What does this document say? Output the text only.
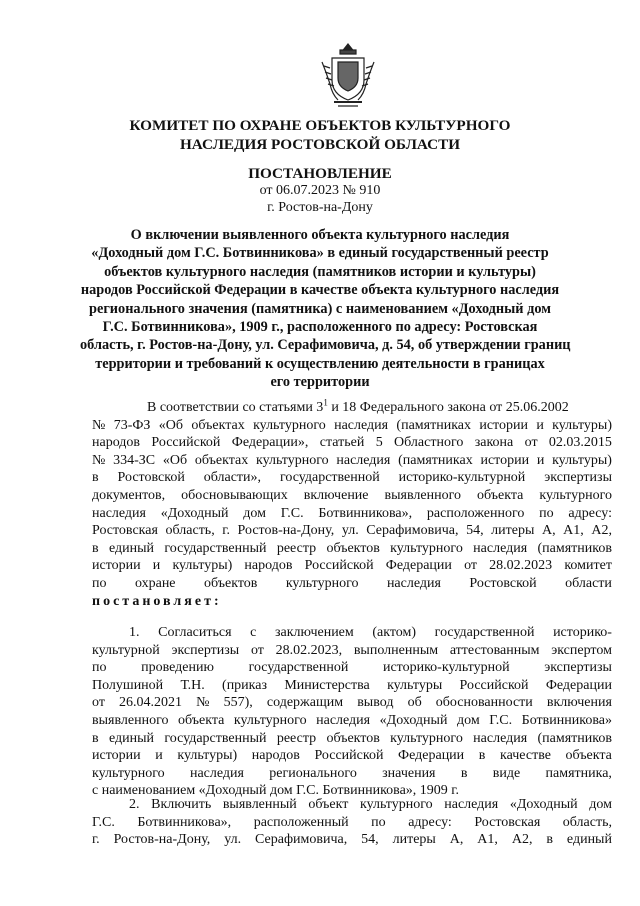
КОМИТЕТ ПО ОХРАНЕ ОБЪЕКТОВ КУЛЬТУРНОГО
НАСЛЕДИЯ РОСТОВСКОЙ ОБЛАСТИ
ПОСТАНОВЛЕНИЕ
от 06.07.2023 № 910
г. Ростов-на-Дону
О включении выявленного объекта культурного наследия
«Доходный дом Г.С. Ботвинникова» в единый государственный реестр
объектов культурного наследия (памятников истории и культуры)
народов Российской Федерации в качестве объекта культурного наследия
регионального значения (памятника) с наименованием «Доходный дом
Г.С. Ботвинникова», 1909 г., расположенного по адресу: Ростовская
область, г. Ростов-на-Дону, ул. Серафимовича, д. 54, об утверждении границ
территории и требований к осуществлению деятельности в границах
его территории
В соответствии со статьями $3^1$ и 18 Федерального закона от 25.06.2002
№ 73-ФЗ «Об объектах культурного наследия (памятниках истории и культуры)
народов Российской Федерации», статьей 5 Областного закона от 02.03.2015
№ 334-ЗС «Об объектах культурного наследия (памятниках истории и культуры)
в Ростовской области», государственной историко-культурной экспертизы
документов, обосновывающих включение выявленного объекта культурного
наследия «Доходный дом Г.С. Ботвинникова», расположенного по адресу:
Ростовская область, г. Ростов-на-Дону, ул. Серафимовича, 54, литеры А, А1, А2,
в единый государственный реестр объектов культурного наследия (памятников
истории и культуры) народов Российской Федерации от 28.02.2023 комитет
по охране объектов культурного наследия Ростовской области
постановляет:
1. Согласиться с заключением (актом) государственной историко-
культурной экспертизы от 28.02.2023, выполненным аттестованным экспертом
по проведению государственной историко-культурной экспертизы
Полушиной Т.Н. (приказ Министерства культуры Российской Федерации
от 26.04.2021 № 557), содержащим вывод об обоснованности включения
выявленного объекта культурного наследия «Доходный дом Г.С. Ботвинникова»
в единый государственный реестр объектов культурного наследия (памятников
истории и культуры) народов Российской Федерации в качестве объекта
культурного наследия регионального значения в виде памятника,
с наименованием «Доходный дом Г.С. Ботвинникова», 1909 г.
2. Включить выявленный объект культурного наследия «Доходный дом
Г.С. Ботвинникова», расположенный по адресу: Ростовская область,
г. Ростов-на-Дону, ул. Серафимовича, 54, литеры А, А1, А2, в единый
